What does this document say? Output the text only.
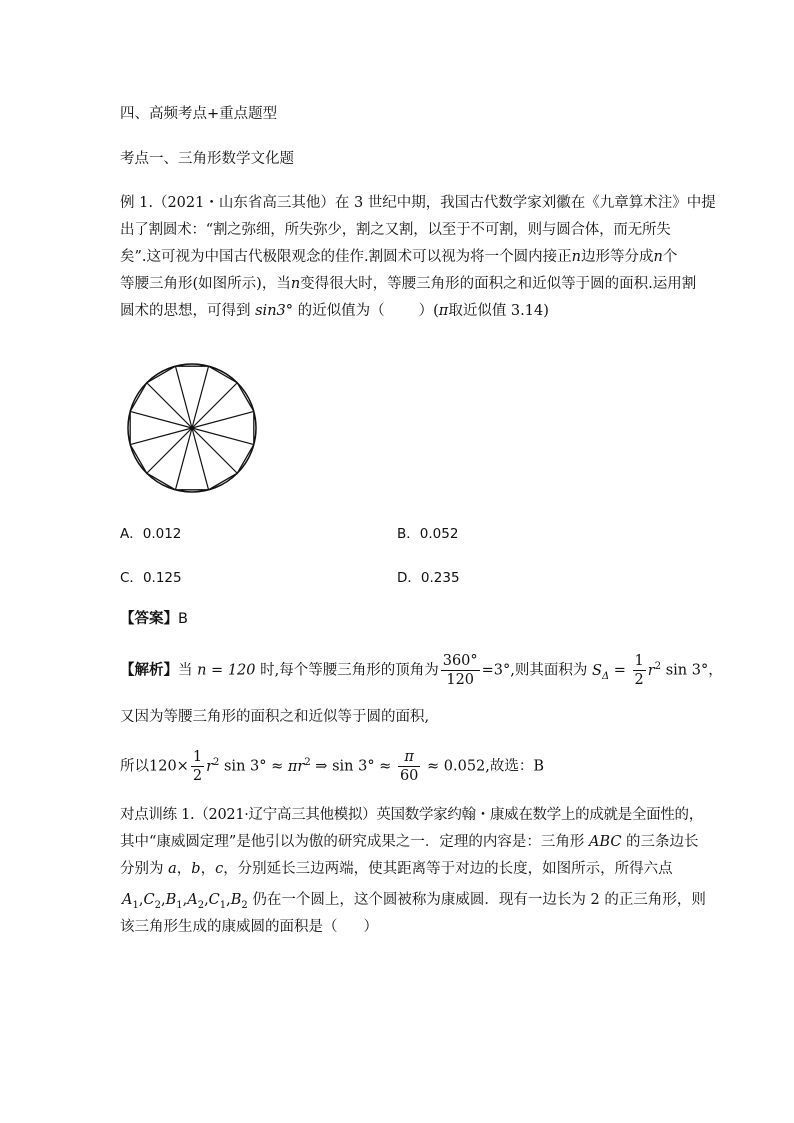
四、高频考点+重点题型
考点一、三角形数学文化题
例 1.（2021・山东省高三其他）在 3 世纪中期，我国古代数学家刘徽在《九章算术注》中提
出了割圆术：“割之弥细，所失弥少，割之又割，以至于不可割，则与圆合体，而无所失
矣”.这可视为中国古代极限观念的佳作.割圆术可以视为将一个圆内接正n边形等分成n个
等腰三角形(如图所示)，当n变得很大时，等腰三角形的面积之和近似等于圆的面积.运用割
圆术的思想，可得到 sin3° 的近似值为（ ）(π取近似值 3.14)
A．0.012	B．0.052
C．0.125	D．0.235
【答案】B
【解析】当 n = 120 时,每个等腰三角形的顶角为 $\frac{360^\circ}{120} =3^\circ$,则其面积为 $S_\Delta = \frac{1}{2} r^2$ sin 3°，
又因为等腰三角形的面积之和近似等于圆的面积,
所以$120\times \frac{1}{2} r^2$ $\sin 3^\circ \approx \pi r^2$ ⇒ $\sin 3^\circ \approx \frac{\pi}{60} \approx 0.052$,故选：B
对点训练 1.（2021·辽宁高三其他模拟）英国数学家约翰・康威在数学上的成就是全面性的，
其中“康威圆定理”是他引以为傲的研究成果之一．定理的内容是：三角形 ABC 的三条边长
分别为 a，b，c，分别延长三边两端，使其距离等于对边的长度，如图所示，所得六点
$A_1,C_2,B_1,A_2,C_1,B_2$ 仍在一个圆上，这个圆被称为康威圆．现有一边长为 2 的正三角形，则
该三角形生成的康威圆的面积是（ ）
